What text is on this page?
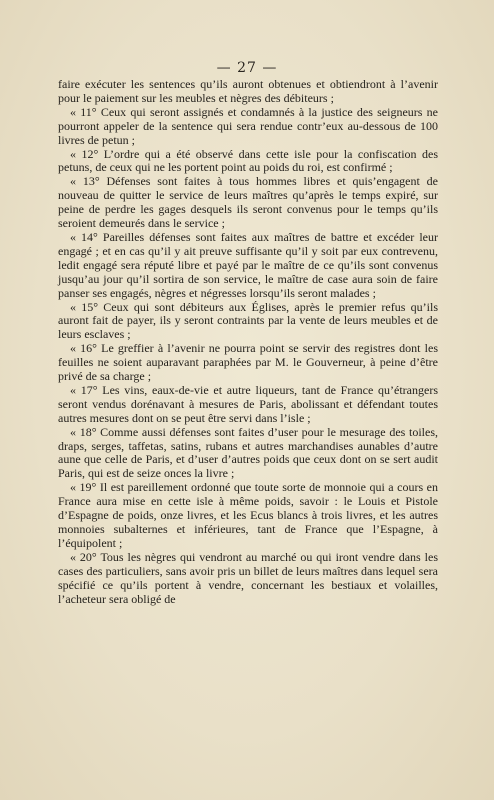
— 27 —

faire exécuter les sentences qu’ils auront obtenues et obtiendront à l’avenir pour le paiement sur les meubles et nègres des débiteurs ;

« 11° Ceux qui seront assignés et condamnés à la justice des seigneurs ne pourront appeler de la sentence qui sera rendue contr’eux au-dessous de 100 livres de petun ;

« 12° L’ordre qui a été observé dans cette isle pour la confiscation des petuns, de ceux qui ne les portent point au poids du roi, est confirmé ;

« 13° Défenses sont faites à tous hommes libres et quis’engagent de nouveau de quitter le service de leurs maîtres qu’après le temps expiré, sur peine de perdre les gages desquels ils seront convenus pour le temps qu’ils seroient demeurés dans le service ;

« 14° Pareilles défenses sont faites aux maîtres de battre et excéder leur engagé ; et en cas qu’il y ait preuve suffisante qu’il y soit par eux contrevenu, ledit engagé sera réputé libre et payé par le maître de ce qu’ils sont convenus jusqu’au jour qu’il sortira de son service, le maître de case aura soin de faire panser ses engagés, nègres et négresses lorsqu’ils seront malades ;

« 15° Ceux qui sont débiteurs aux Églises, après le premier refus qu’ils auront fait de payer, ils y seront contraints par la vente de leurs meubles et de leurs esclaves ;

« 16° Le greffier à l’avenir ne pourra point se servir des registres dont les feuilles ne soient auparavant paraphées par M. le Gouverneur, à peine d’être privé de sa charge ;

« 17° Les vins, eaux-de-vie et autre liqueurs, tant de France qu’étrangers seront vendus dorénavant à mesures de Paris, abolissant et défendant toutes autres mesures dont on se peut être servi dans l’isle ;

« 18° Comme aussi défenses sont faites d’user pour le mesurage des toiles, draps, serges, taffetas, satins, rubans et autres marchandises aunables d’autre aune que celle de Paris, et d’user d’autres poids que ceux dont on se sert audit Paris, qui est de seize onces la livre ;

« 19° Il est pareillement ordonné que toute sorte de monnoie qui a cours en France aura mise en cette isle à même poids, savoir : le Louis et Pistole d’Espagne de poids, onze livres, et les Ecus blancs à trois livres, et les autres monnoies subalternes et inférieures, tant de France que l’Espagne, à l’équipolent ;

« 20° Tous les nègres qui vendront au marché ou qui iront vendre dans les cases des particuliers, sans avoir pris un billet de leurs maîtres dans lequel sera spécifié ce qu’ils portent à vendre, concernant les bestiaux et volailles, l’acheteur sera obligé de
